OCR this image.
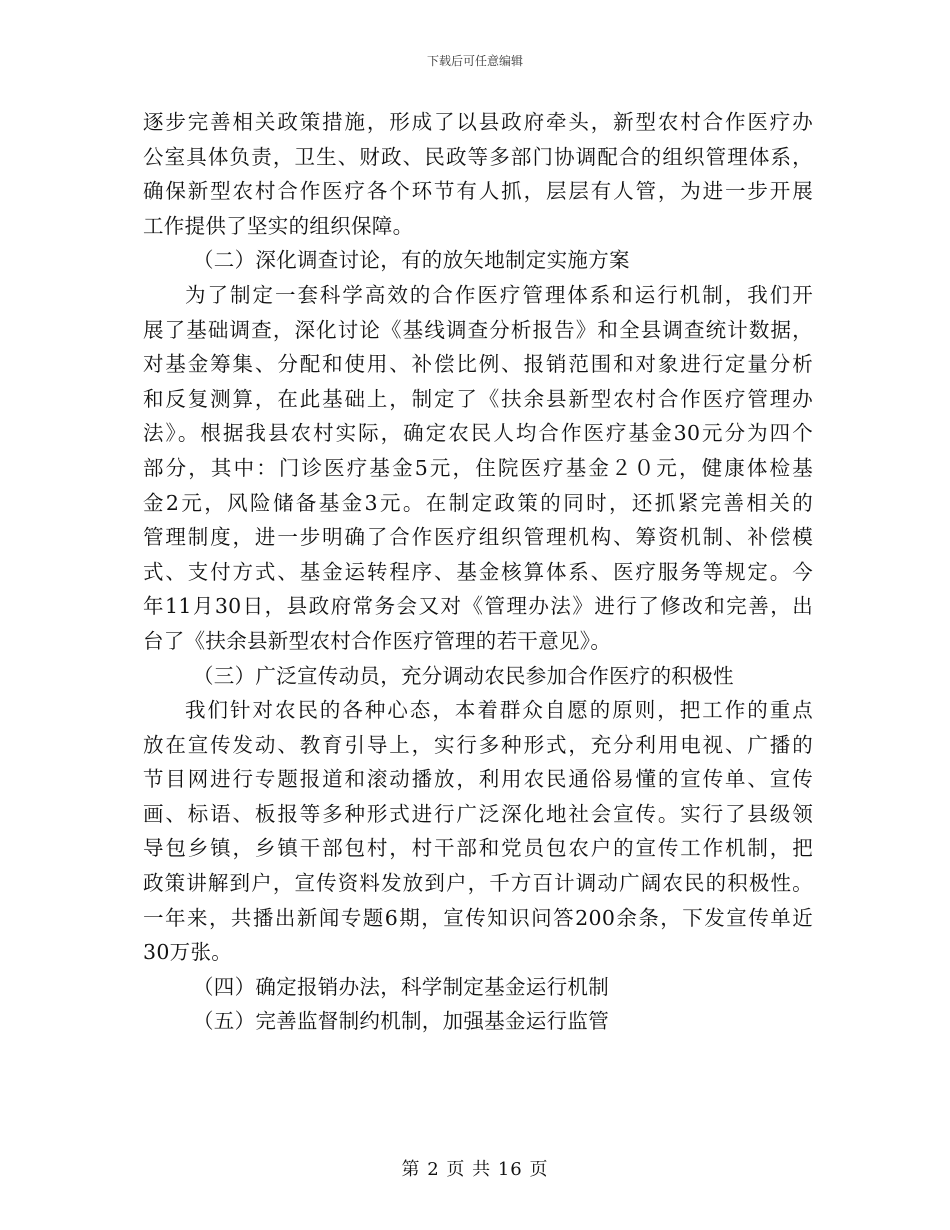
下载后可任意编辑
逐步完善相关政策措施，形成了以县政府牵头，新型农村合作医疗办
公室具体负责，卫生、财政、民政等多部门协调配合的组织管理体系，
确保新型农村合作医疗各个环节有人抓，层层有人管，为进一步开展
工作提供了坚实的组织保障。
（二）深化调查讨论，有的放矢地制定实施方案
为了制定一套科学高效的合作医疗管理体系和运行机制，我们开
展了基础调查，深化讨论《基线调查分析报告》和全县调查统计数据，
对基金筹集、分配和使用、补偿比例、报销范围和对象进行定量分析
和反复测算，在此基础上，制定了《扶余县新型农村合作医疗管理办
法》。根据我县农村实际，确定农民人均合作医疗基金30元分为四个
部分，其中：门诊医疗基金5元，住院医疗基金２０元，健康体检基
金2元，风险储备基金3元。在制定政策的同时，还抓紧完善相关的
管理制度，进一步明确了合作医疗组织管理机构、筹资机制、补偿模
式、支付方式、基金运转程序、基金核算体系、医疗服务等规定。今
年11月30日，县政府常务会又对《管理办法》进行了修改和完善，出
台了《扶余县新型农村合作医疗管理的若干意见》。
（三）广泛宣传动员，充分调动农民参加合作医疗的积极性
我们针对农民的各种心态，本着群众自愿的原则，把工作的重点
放在宣传发动、教育引导上，实行多种形式，充分利用电视、广播的
节目网进行专题报道和滚动播放，利用农民通俗易懂的宣传单、宣传
画、标语、板报等多种形式进行广泛深化地社会宣传。实行了县级领
导包乡镇，乡镇干部包村，村干部和党员包农户的宣传工作机制，把
政策讲解到户，宣传资料发放到户，千方百计调动广阔农民的积极性。
一年来，共播出新闻专题6期，宣传知识问答200余条，下发宣传单近
30万张。
（四）确定报销办法，科学制定基金运行机制
（五）完善监督制约机制，加强基金运行监管
第 2 页 共 16 页
